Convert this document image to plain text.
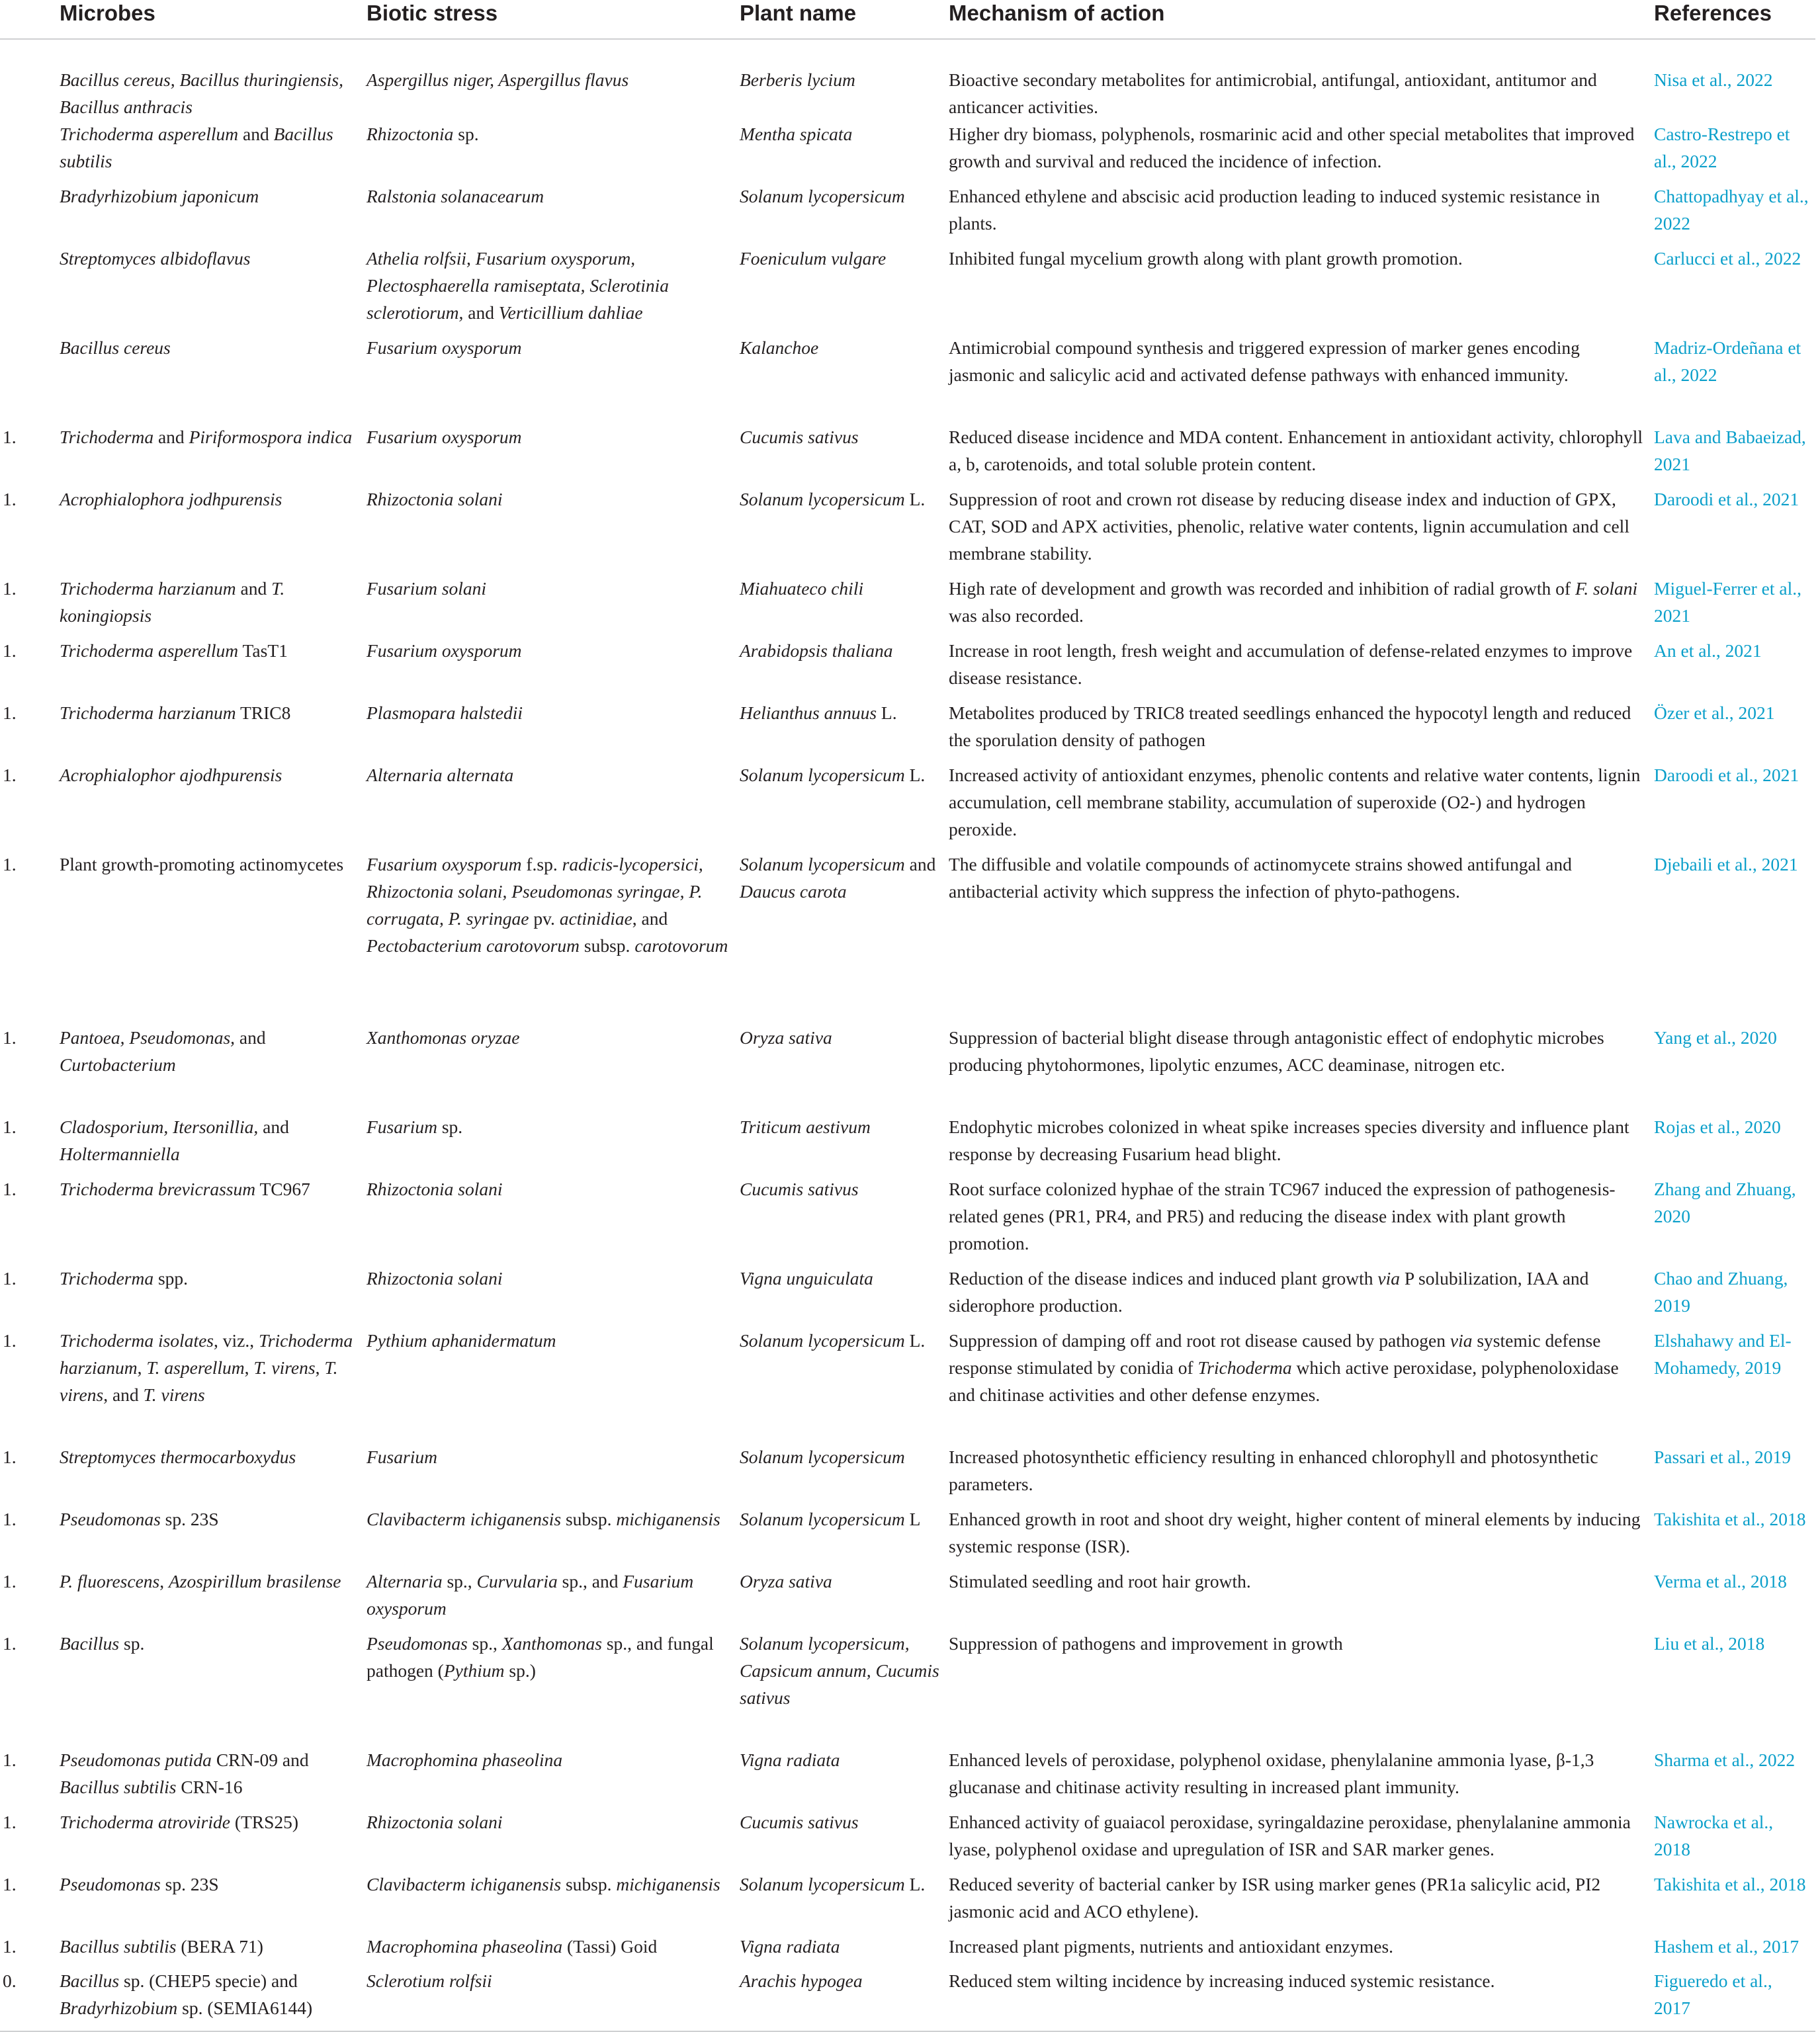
	Microbes	Biotic stress	Plant name	Mechanism of action	References
	Bacillus cereus, Bacillus thuringiensis, Bacillus anthracis	Aspergillus niger, Aspergillus flavus	Berberis lycium	Bioactive secondary metabolites for antimicrobial, antifungal, antioxidant, antitumor and anticancer activities.	Nisa et al., 2022
	Trichoderma asperellum and Bacillus subtilis	Rhizoctonia sp.	Mentha spicata	Higher dry biomass, polyphenols, rosmarinic acid and other special metabolites that improved growth and survival and reduced the incidence of infection.	Castro-Restrepo et al., 2022
	Bradyrhizobium japonicum	Ralstonia solanacearum	Solanum lycopersicum	Enhanced ethylene and abscisic acid production leading to induced systemic resistance in plants.	Chattopadhyay et al., 2022
	Streptomyces albidoflavus	Athelia rolfsii, Fusarium oxysporum, Plectosphaerella ramiseptata, Sclerotinia sclerotiorum, and Verticillium dahliae	Foeniculum vulgare	Inhibited fungal mycelium growth along with plant growth promotion.	Carlucci et al., 2022
	Bacillus cereus	Fusarium oxysporum	Kalanchoe	Antimicrobial compound synthesis and triggered expression of marker genes encoding jasmonic and salicylic acid and activated defense pathways with enhanced immunity.	Madriz-Ordeñana et al., 2022
1.	Trichoderma and Piriformospora indica	Fusarium oxysporum	Cucumis sativus	Reduced disease incidence and MDA content. Enhancement in antioxidant activity, chlorophyll a, b, carotenoids, and total soluble protein content.	Lava and Babaeizad, 2021
1.	Acrophialophora jodhpurensis	Rhizoctonia solani	Solanum lycopersicum L.	Suppression of root and crown rot disease by reducing disease index and induction of GPX, CAT, SOD and APX activities, phenolic, relative water contents, lignin accumulation and cell membrane stability.	Daroodi et al., 2021
1.	Trichoderma harzianum and T. koningiopsis	Fusarium solani	Miahuateco chili	High rate of development and growth was recorded and inhibition of radial growth of F. solani was also recorded.	Miguel-Ferrer et al., 2021
1.	Trichoderma asperellum TasT1	Fusarium oxysporum	Arabidopsis thaliana	Increase in root length, fresh weight and accumulation of defense-related enzymes to improve disease resistance.	An et al., 2021
1.	Trichoderma harzianum TRIC8	Plasmopara halstedii	Helianthus annuus L.	Metabolites produced by TRIC8 treated seedlings enhanced the hypocotyl length and reduced the sporulation density of pathogen	Özer et al., 2021
1.	Acrophialophor ajodhpurensis	Alternaria alternata	Solanum lycopersicum L.	Increased activity of antioxidant enzymes, phenolic contents and relative water contents, lignin accumulation, cell membrane stability, accumulation of superoxide (O2-) and hydrogen peroxide.	Daroodi et al., 2021
1.	Plant growth-promoting actinomycetes	Fusarium oxysporum f.sp. radicis-lycopersici, Rhizoctonia solani, Pseudomonas syringae, P. corrugata, P. syringae pv. actinidiae, and Pectobacterium carotovorum subsp. carotovorum	Solanum lycopersicum and Daucus carota	The diffusible and volatile compounds of actinomycete strains showed antifungal and antibacterial activity which suppress the infection of phyto-pathogens.	Djebaili et al., 2021
1.	Pantoea, Pseudomonas, and Curtobacterium	Xanthomonas oryzae	Oryza sativa	Suppression of bacterial blight disease through antagonistic effect of endophytic microbes producing phytohormones, lipolytic enzumes, ACC deaminase, nitrogen etc.	Yang et al., 2020
1.	Cladosporium, Itersonillia, and Holtermanniella	Fusarium sp.	Triticum aestivum	Endophytic microbes colonized in wheat spike increases species diversity and influence plant response by decreasing Fusarium head blight.	Rojas et al., 2020
1.	Trichoderma brevicrassum TC967	Rhizoctonia solani	Cucumis sativus	Root surface colonized hyphae of the strain TC967 induced the expression of pathogenesis-related genes (PR1, PR4, and PR5) and reducing the disease index with plant growth promotion.	Zhang and Zhuang, 2020
1.	Trichoderma spp.	Rhizoctonia solani	Vigna unguiculata	Reduction of the disease indices and induced plant growth via P solubilization, IAA and siderophore production.	Chao and Zhuang, 2019
1.	Trichoderma isolates, viz., Trichoderma harzianum, T. asperellum, T. virens, T. virens, and T. virens	Pythium aphanidermatum	Solanum lycopersicum L.	Suppression of damping off and root rot disease caused by pathogen via systemic defense response stimulated by conidia of Trichoderma which active peroxidase, polyphenoloxidase and chitinase activities and other defense enzymes.	Elshahawy and El-Mohamedy, 2019
1.	Streptomyces thermocarboxydus	Fusarium	Solanum lycopersicum	Increased photosynthetic efficiency resulting in enhanced chlorophyll and photosynthetic parameters.	Passari et al., 2019
1.	Pseudomonas sp. 23S	Clavibacterm ichiganensis subsp. michiganensis	Solanum lycopersicum L	Enhanced growth in root and shoot dry weight, higher content of mineral elements by inducing systemic response (ISR).	Takishita et al., 2018
1.	P. fluorescens, Azospirillum brasilense	Alternaria sp., Curvularia sp., and Fusarium oxysporum	Oryza sativa	Stimulated seedling and root hair growth.	Verma et al., 2018
1.	Bacillus sp.	Pseudomonas sp., Xanthomonas sp., and fungal pathogen (Pythium sp.)	Solanum lycopersicum, Capsicum annum, Cucumis sativus	Suppression of pathogens and improvement in growth	Liu et al., 2018
1.	Pseudomonas putida CRN-09 and Bacillus subtilis CRN-16	Macrophomina phaseolina	Vigna radiata	Enhanced levels of peroxidase, polyphenol oxidase, phenylalanine ammonia lyase, β-1,3 glucanase and chitinase activity resulting in increased plant immunity.	Sharma et al., 2022
1.	Trichoderma atroviride (TRS25)	Rhizoctonia solani	Cucumis sativus	Enhanced activity of guaiacol peroxidase, syringaldazine peroxidase, phenylalanine ammonia lyase, polyphenol oxidase and upregulation of ISR and SAR marker genes.	Nawrocka et al., 2018
1.	Pseudomonas sp. 23S	Clavibacterm ichiganensis subsp. michiganensis	Solanum lycopersicum L.	Reduced severity of bacterial canker by ISR using marker genes (PR1a salicylic acid, PI2 jasmonic acid and ACO ethylene).	Takishita et al., 2018
1.	Bacillus subtilis (BERA 71)	Macrophomina phaseolina (Tassi) Goid	Vigna radiata	Increased plant pigments, nutrients and antioxidant enzymes.	Hashem et al., 2017
0.	Bacillus sp. (CHEP5 specie) and Bradyrhizobium sp. (SEMIA6144)	Sclerotium rolfsii	Arachis hypogea	Reduced stem wilting incidence by increasing induced systemic resistance.	Figueredo et al., 2017
